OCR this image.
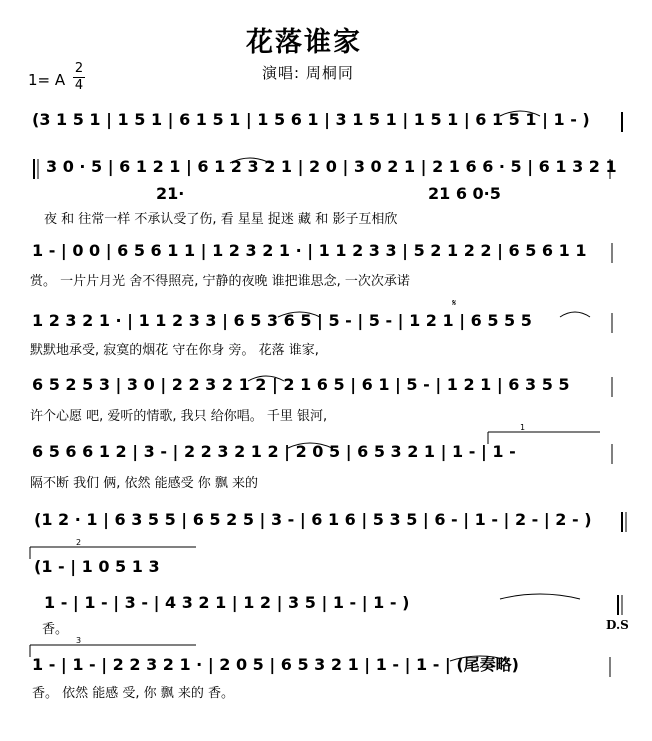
花落谁家
演唱: 周桐同
1= A
2
4
(3 1 5 1 | 1 5 1 | 6 1 5 1 | 1 5 6 1 | 3 1 5 1 | 1 5 1 | 6 1 5 1 | 1 - )
3 0 · 5 | 6 1 2 1 | 6 1 2 3 2 1 | 2 0 | 3 0 2 1 | 2 1 6 6 · 5 | 6 1 3 2 1
21·	21 6 0·5
夜 和 往常一样 不承认受了伤, 看 星星 捉迷 藏 和 影子互相欣
1 - | 0 0 | 6 5 6 1 1 | 1 2 3 2 1 · | 1 1 2 3 3 | 5 2 1 2 2 | 6 5 6 1 1
赏。 一片片月光 舍不得照亮, 宁静的夜晚 谁把谁思念, 一次次承诺
𝄋
1 2 3 2 1 · | 1 1 2 3 3 | 6 5 3 6 5 | 5 - | 5 - | 1 2 1 | 6 5 5 5
默默地承受, 寂寞的烟花 守在你身 旁。 花落 谁家,
6 5 2 5 3 | 3 0 | 2 2 3 2 1 2 | 2 1 6 5 | 6 1 | 5 - | 1 2 1 | 6 3 5 5
许个心愿 吧, 爱听的情歌, 我只 给你唱。 千里 银河,
1
6 5 6 6 1 2 | 3 - | 2 2 3 2 1 2 | 2 0 5 | 6 5 3 2 1 | 1 - | 1 -
隔不断 我们 俩, 依然 能感受 你 飘 来的
(1 2 · 1 | 6 3 5 5 | 6 5 2 5 | 3 - | 6 1 6 | 5 3 5 | 6 - | 1 - | 2 - | 2 - )
2
(1 - | 1 0 5 1 3
1 - | 1 - | 3 - | 4 3 2 1 | 1 2 | 3 5 | 1 - | 1 - )
香。	D.S
3
1 - | 1 - | 2 2 3 2 1 · | 2 0 5 | 6 5 3 2 1 | 1 - | 1 - | (尾奏略)
香。 依然 能感 受, 你 飘 来的 香。
